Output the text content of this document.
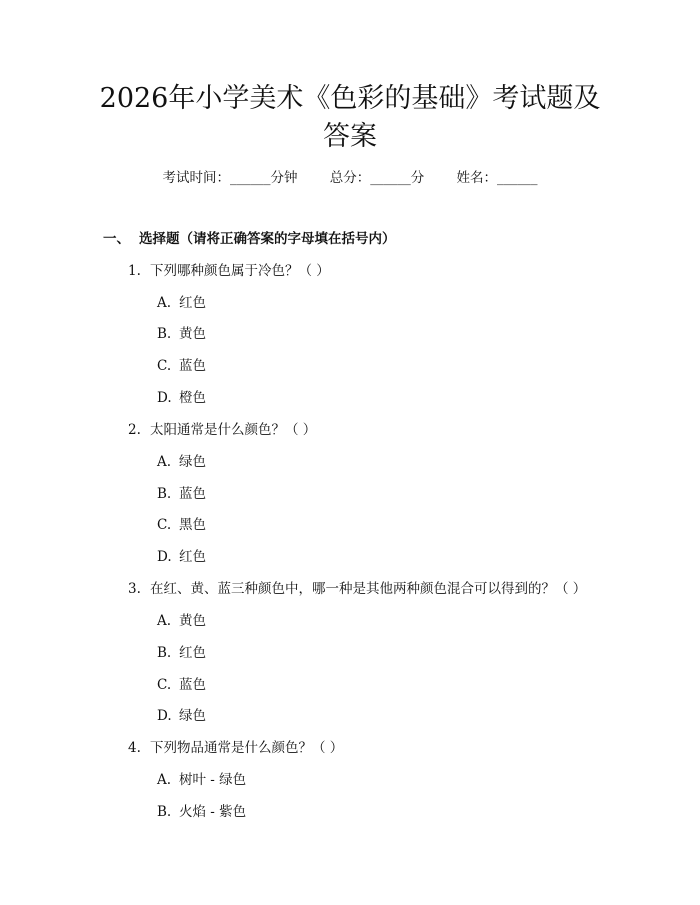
2026年小学美术《色彩的基础》考试题及答案
考试时间：______分钟 总分：______分 姓名：______
一、 选择题（请将正确答案的字母填在括号内）
1. 下列哪种颜色属于冷色？（ ）
A. 红色
B. 黄色
C. 蓝色
D. 橙色
2. 太阳通常是什么颜色？（ ）
A. 绿色
B. 蓝色
C. 黑色
D. 红色
3. 在红、黄、蓝三种颜色中，哪一种是其他两种颜色混合可以得到的？（ ）
A. 黄色
B. 红色
C. 蓝色
D. 绿色
4. 下列物品通常是什么颜色？（ ）
A. 树叶 - 绿色
B. 火焰 - 紫色
